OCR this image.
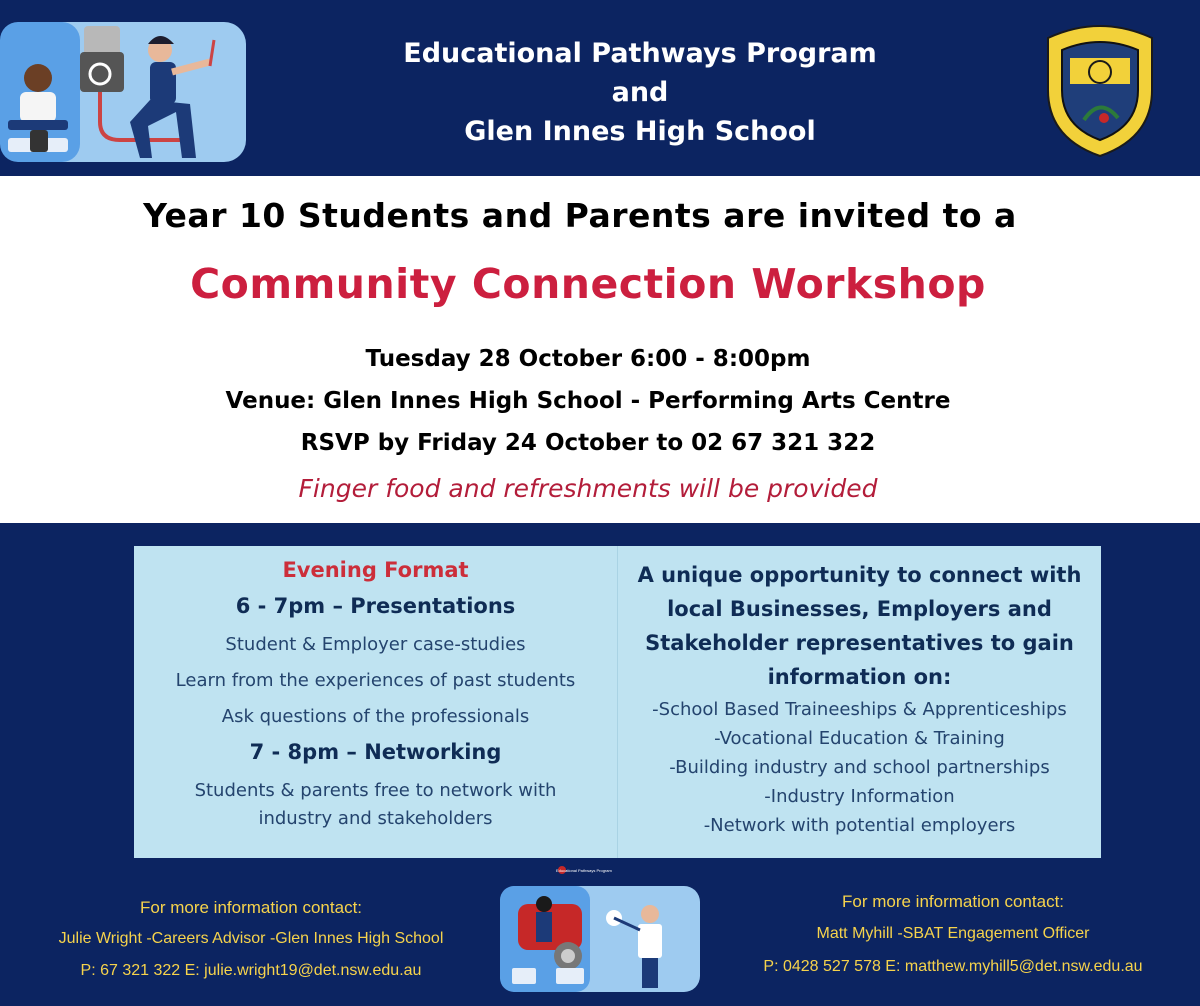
Educational Pathways Program
and
Glen Innes High School
Year 10 Students and Parents are invited to a
Community Connection Workshop
Tuesday 28 October 6:00 - 8:00pm
Venue: Glen Innes High School - Performing Arts Centre
RSVP by Friday 24 October to 02 67 321 322
Finger food and refreshments will be provided
Evening Format
6 - 7pm – Presentations
Student & Employer case-studies
Learn from the experiences of past students
Ask questions of the professionals
7 - 8pm – Networking
Students & parents free to network with
industry and stakeholders
A unique opportunity to connect with
local Businesses, Employers and
Stakeholder representatives to gain
information on:
-School Based Traineeships & Apprenticeships
-Vocational Education & Training
-Building industry and school partnerships
-Industry Information
-Network with potential employers
For more information contact:
Julie Wright -Careers Advisor -Glen Innes High School
P: 67 321 322 E: julie.wright19@det.nsw.edu.au
For more information contact:
Matt Myhill -SBAT Engagement Officer
P: 0428 527 578 E: matthew.myhill5@det.nsw.edu.au
Educational Pathways Program
